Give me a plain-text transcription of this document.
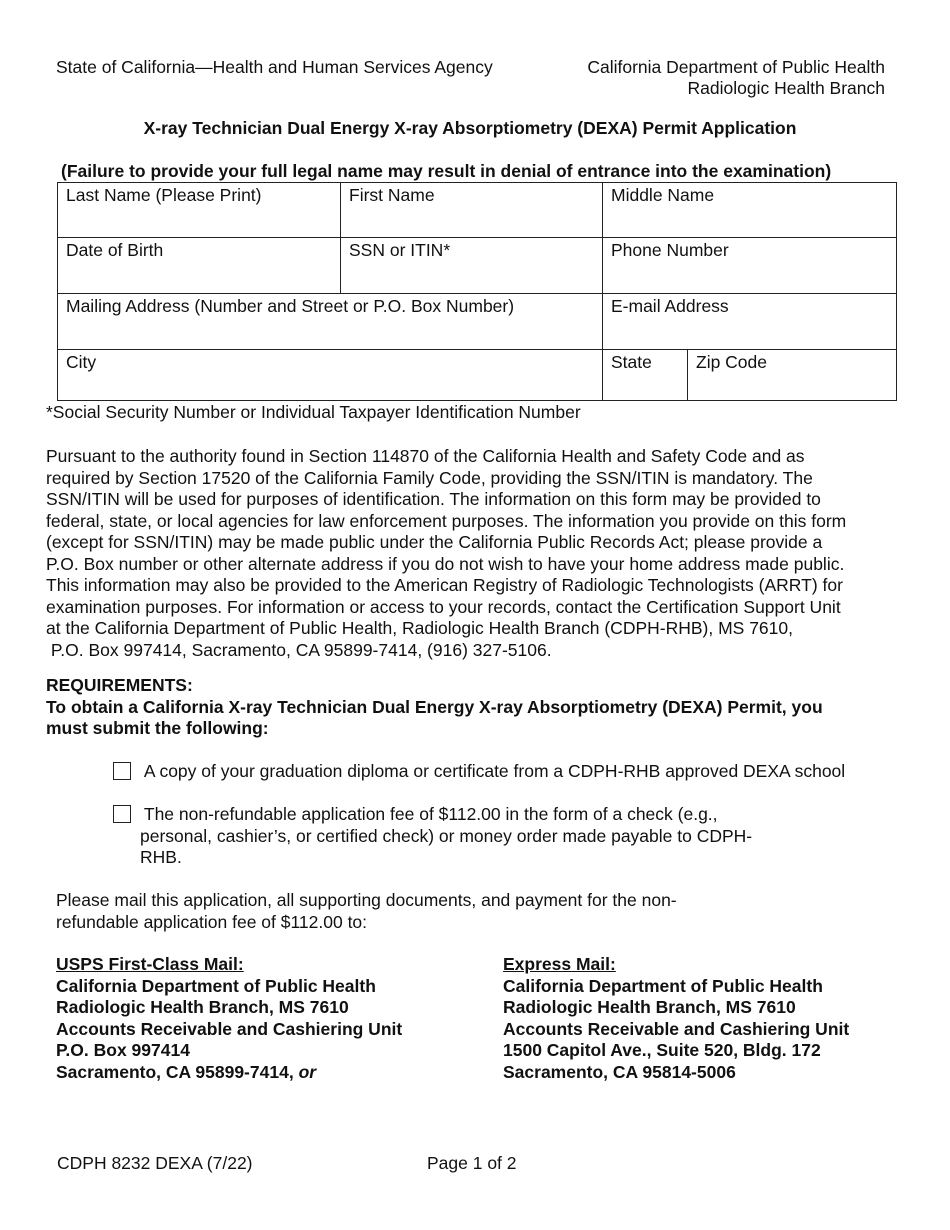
State of California—Health and Human Services Agency	California Department of Public Health
Radiologic Health Branch
X-ray Technician Dual Energy X-ray Absorptiometry (DEXA) Permit Application
(Failure to provide your full legal name may result in denial of entrance into the examination)
Last Name (Please Print)	First Name	Middle Name	

Date of Birth	SSN or ITIN*	Phone Number	

Mailing Address (Number and Street or P.O. Box Number)		E-mail Address	

City		State	Zip Code
*Social Security Number or Individual Taxpayer Identification Number
Pursuant to the authority found in Section 114870 of the California Health and Safety Code and as
required by Section 17520 of the California Family Code, providing the SSN/ITIN is mandatory. The
SSN/ITIN will be used for purposes of identification. The information on this form may be provided to
federal, state, or local agencies for law enforcement purposes. The information you provide on this form
(except for SSN/ITIN) may be made public under the California Public Records Act; please provide a
P.O. Box number or other alternate address if you do not wish to have your home address made public.
This information may also be provided to the American Registry of Radiologic Technologists (ARRT) for
examination purposes. For information or access to your records, contact the Certification Support Unit
at the California Department of Public Health, Radiologic Health Branch (CDPH-RHB), MS 7610,
P.O. Box 997414, Sacramento, CA 95899-7414, (916) 327-5106.
REQUIREMENTS:
To obtain a California X-ray Technician Dual Energy X-ray Absorptiometry (DEXA) Permit, you
must submit the following:
A copy of your graduation diploma or certificate from a CDPH-RHB approved DEXA school
The non-refundable application fee of $112.00 in the form of a check (e.g.,
personal, cashier’s, or certified check) or money order made payable to CDPH-
RHB.
Please mail this application, all supporting documents, and payment for the non-
refundable application fee of $112.00 to:
USPS First-Class Mail:
California Department of Public Health
Radiologic Health Branch, MS 7610
Accounts Receivable and Cashiering Unit
P.O. Box 997414
Sacramento, CA 95899-7414, or
Express Mail:
California Department of Public Health
Radiologic Health Branch, MS 7610
Accounts Receivable and Cashiering Unit
1500 Capitol Ave., Suite 520, Bldg. 172
Sacramento, CA 95814-5006
CDPH 8232 DEXA (7/22)	Page 1 of 2
